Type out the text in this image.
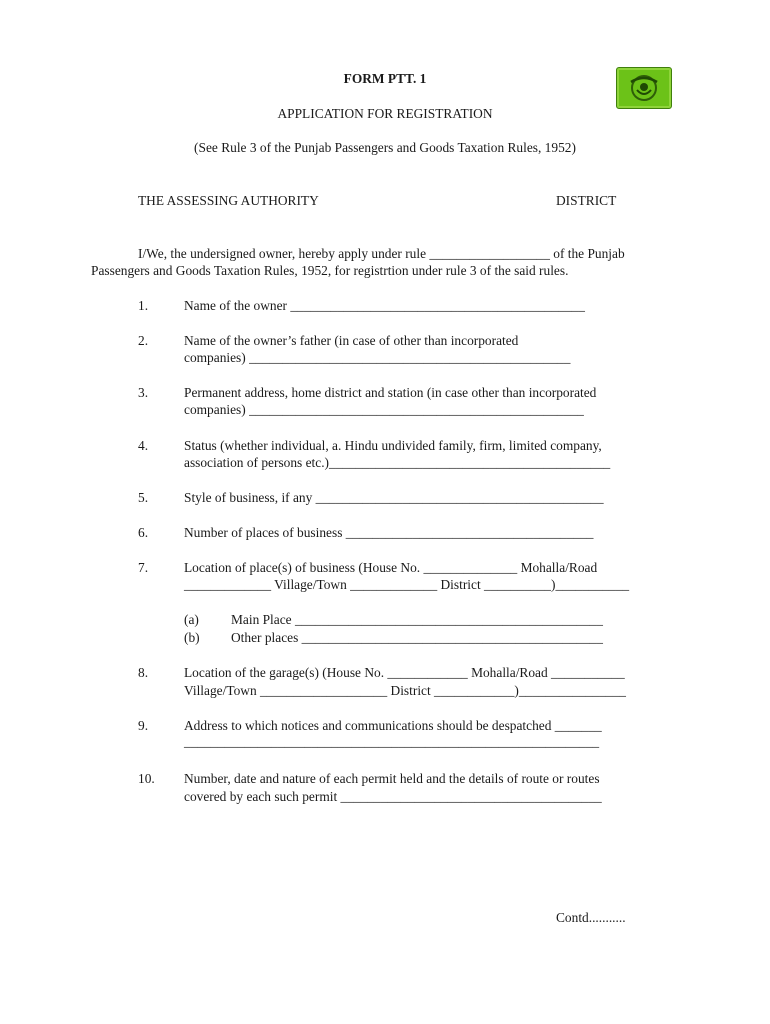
FORM PTT. 1
APPLICATION FOR REGISTRATION
(See Rule 3 of the Punjab Passengers and Goods Taxation Rules, 1952)
THE ASSESSING AUTHORITY	DISTRICT
I/We, the undersigned owner, hereby apply under rule __________________ of the Punjab
Passengers and Goods Taxation Rules, 1952, for registrtion under rule 3 of the said rules.
1.	Name of the owner ____________________________________________
2.	Name of the owner’s father (in case of other than incorporated
companies) ________________________________________________
3.	Permanent address, home district and station (in case other than incorporated
companies) __________________________________________________
4.	Status (whether individual, a. Hindu undivided family, firm, limited company,
association of persons etc.)__________________________________________
5.	Style of business, if any ___________________________________________
6.	Number of places of business _____________________________________
7.	Location of place(s) of business (House No. ______________ Mohalla/Road
_____________ Village/Town _____________ District __________)___________
(a) Main Place ______________________________________________
(b) Other places _____________________________________________
8.	Location of the garage(s) (House No. ____________ Mohalla/Road ___________
Village/Town ___________________ District ____________)________________
9.	Address to which notices and communications should be despatched _______
______________________________________________________________
10. Number, date and nature of each permit held and the details of route or routes
covered by each such permit _______________________________________
Contd...........
